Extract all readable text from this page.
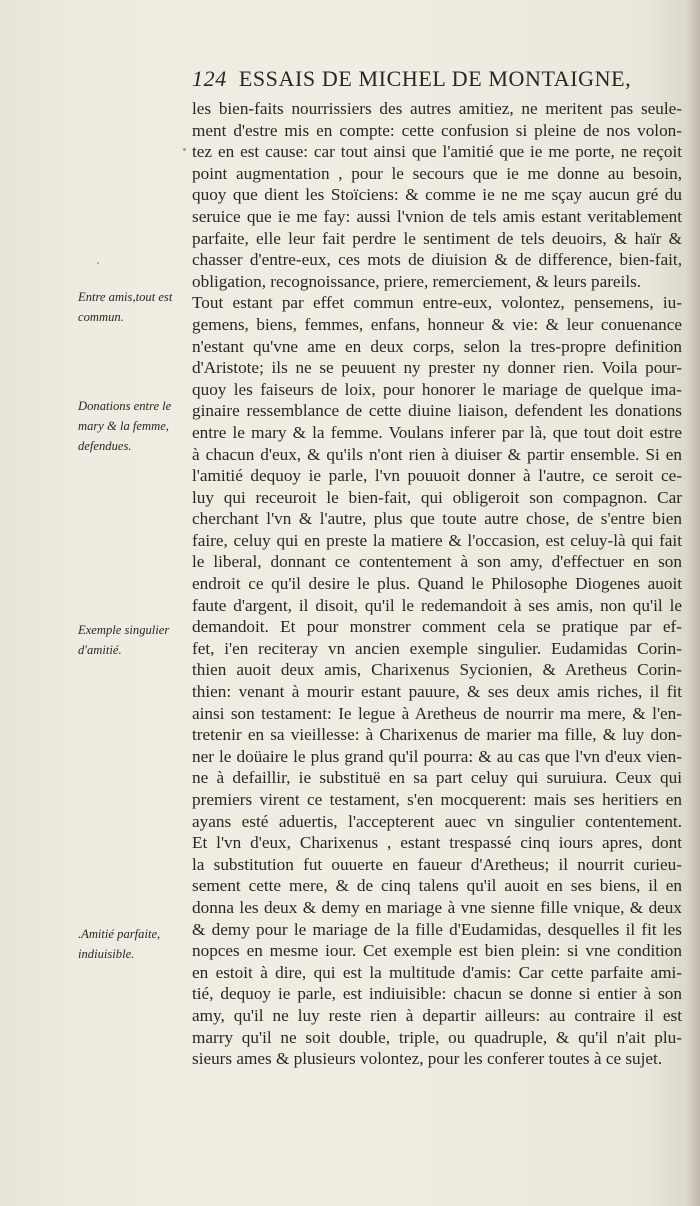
124 ESSAIS DE MICHEL DE MONTAIGNE,
Entre amis,tout est
commun.
Donations entre le
mary & la femme,
defendues.
Exemple singulier
d'amitié.
.Amitié parfaite,
indiuisible.
les bien-faits nourrissiers des autres amitiez, ne meritent pas seule-
ment d'estre mis en compte: cette confusion si pleine de nos volon-
tez en est cause: car tout ainsi que l'amitié que ie me porte, ne reçoit
point augmentation , pour le secours que ie me donne au besoin,
quoy que dient les Stoïciens: & comme ie ne me sçay aucun gré du
seruice que ie me fay: aussi l'vnion de tels amis estant veritablement
parfaite, elle leur fait perdre le sentiment de tels deuoirs, & haïr &
chasser d'entre-eux, ces mots de diuision & de difference, bien-fait,
obligation, recognoissance, priere, remerciement, & leurs pareils.
Tout estant par effet commun entre-eux, volontez, pensemens, iu-
gemens, biens, femmes, enfans, honneur & vie: & leur conuenance
n'estant qu'vne ame en deux corps, selon la tres-propre definition
d'Aristote; ils ne se peuuent ny prester ny donner rien. Voila pour-
quoy les faiseurs de loix, pour honorer le mariage de quelque ima-
ginaire ressemblance de cette diuine liaison, defendent les donations
entre le mary & la femme. Voulans inferer par là, que tout doit estre
à chacun d'eux, & qu'ils n'ont rien à diuiser & partir ensemble. Si en
l'amitié dequoy ie parle, l'vn pouuoit donner à l'autre, ce seroit ce-
luy qui receuroit le bien-fait, qui obligeroit son compagnon. Car
cherchant l'vn & l'autre, plus que toute autre chose, de s'entre bien
faire, celuy qui en preste la matiere & l'occasion, est celuy-là qui fait
le liberal, donnant ce contentement à son amy, d'effectuer en son
endroit ce qu'il desire le plus. Quand le Philosophe Diogenes auoit
faute d'argent, il disoit, qu'il le redemandoit à ses amis, non qu'il le
demandoit. Et pour monstrer comment cela se pratique par ef-
fet, i'en reciteray vn ancien exemple singulier. Eudamidas Corin-
thien auoit deux amis, Charixenus Sycionien, & Aretheus Corin-
thien: venant à mourir estant pauure, & ses deux amis riches, il fit
ainsi son testament: Ie legue à Aretheus de nourrir ma mere, & l'en-
tretenir en sa vieillesse: à Charixenus de marier ma fille, & luy don-
ner le doüaire le plus grand qu'il pourra: & au cas que l'vn d'eux vien-
ne à defaillir, ie substituë en sa part celuy qui suruiura. Ceux qui
premiers virent ce testament, s'en mocquerent: mais ses heritiers en
ayans esté aduertis, l'accepterent auec vn singulier contentement.
Et l'vn d'eux, Charixenus , estant trespassé cinq iours apres, dont
la substitution fut ouuerte en faueur d'Aretheus; il nourrit curieu-
sement cette mere, & de cinq talens qu'il auoit en ses biens, il en
donna les deux & demy en mariage à vne sienne fille vnique, & deux
& demy pour le mariage de la fille d'Eudamidas, desquelles il fit les
nopces en mesme iour. Cet exemple est bien plein: si vne condition
en estoit à dire, qui est la multitude d'amis: Car cette parfaite ami-
tié, dequoy ie parle, est indiuisible: chacun se donne si entier à son
amy, qu'il ne luy reste rien à departir ailleurs: au contraire il est
marry qu'il ne soit double, triple, ou quadruple, & qu'il n'ait plu-
sieurs ames & plusieurs volontez, pour les conferer toutes à ce sujet.
